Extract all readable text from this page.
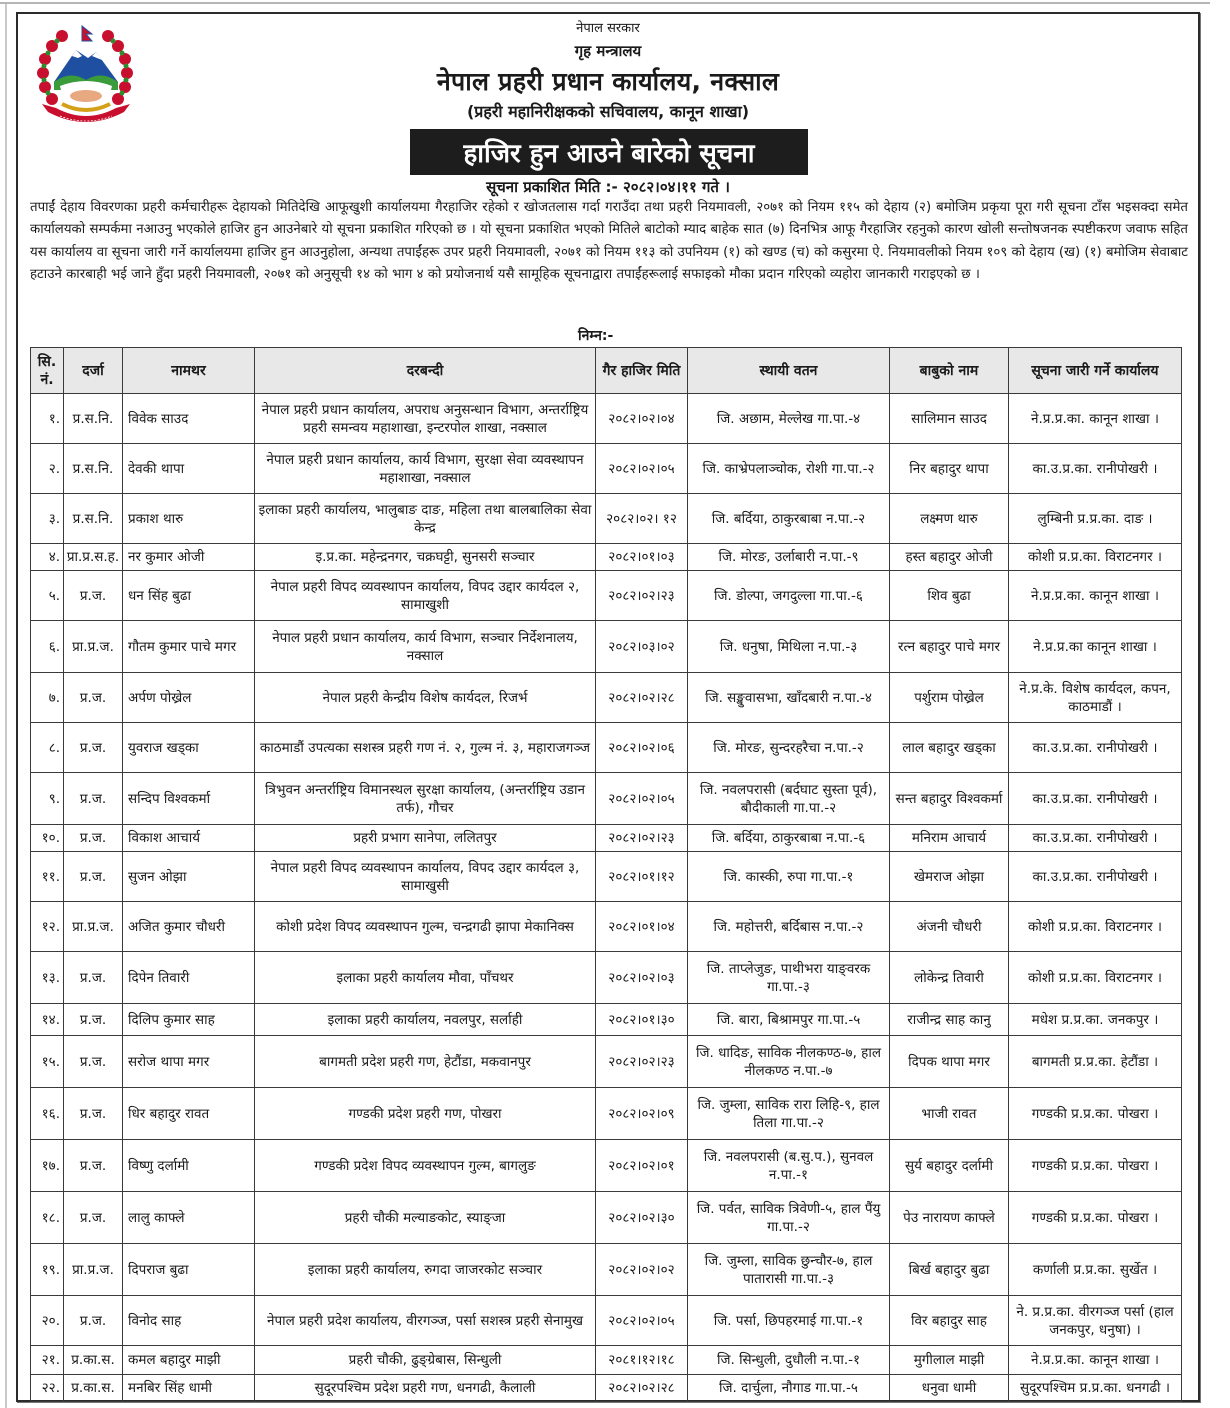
नेपाल सरकार
गृह मन्त्रालय
नेपाल प्रहरी प्रधान कार्यालय, नक्साल
(प्रहरी महानिरीक्षकको सचिवालय, कानून शाखा)
हाजिर हुन आउने बारेको सूचना
सूचना प्रकाशित मिति :- २०८२।०४।११ गते ।
तपाईं देहाय विवरणका प्रहरी कर्मचारीहरू देहायको मितिदेखि आफूखुशी कार्यालयमा गैरहाजिर रहेको र खोजतलास गर्दा गराउँदा तथा प्रहरी नियमावली, २०७१ को नियम ११५ को देहाय (२) बमोजिम प्रकृया पूरा गरी सूचना टाँस भइसक्दा समेत कार्यालयको सम्पर्कमा नआउनु भएकोले हाजिर हुन आउनेबारे यो सूचना प्रकाशित गरिएको छ । यो सूचना प्रकाशित भएको मितिले बाटोको म्याद बाहेक सात (७) दिनभित्र आफू गैरहाजिर रहनुको कारण खोली सन्तोषजनक स्पष्टीकरण जवाफ सहित यस कार्यालय वा सूचना जारी गर्ने कार्यालयमा हाजिर हुन आउनुहोला, अन्यथा तपाईंहरू उपर प्रहरी नियमावली, २०७१ को नियम ११३ को उपनियम (१) को खण्ड (च) को कसुरमा ऐ. नियमावलीको नियम १०९ को देहाय (ख) (१) बमोजिम सेवाबाट हटाउने कारबाही भई जाने हुँदा प्रहरी नियमावली, २०७१ को अनुसूची १४ को भाग ४ को प्रयोजनार्थ यसै सामूहिक सूचनाद्वारा तपाईंहरूलाई सफाइको मौका प्रदान गरिएको व्यहोरा जानकारी गराइएको छ ।
निम्न:-
सि. नं.	दर्जा	नामथर	दरबन्दी	गैर हाजिर मिति	स्थायी वतन	बाबुको नाम	सूचना जारी गर्ने कार्यालय
१.	प्र.स.नि.	विवेक साउद	नेपाल प्रहरी प्रधान कार्यालय, अपराध अनुसन्धान विभाग, अन्तर्राष्ट्रिय प्रहरी समन्वय महाशाखा, इन्टरपोल शाखा, नक्साल	२०८२।०२।०४	जि. अछाम, मेल्लेख गा.पा.-४	सालिमान साउद	ने.प्र.प्र.का. कानून शाखा ।
२.	प्र.स.नि.	देवकी थापा	नेपाल प्रहरी प्रधान कार्यालय, कार्य विभाग, सुरक्षा सेवा व्यवस्थापन महाशाखा, नक्साल	२०८२।०२।०५	जि. काभ्रेपलाञ्चोक, रोशी गा.पा.-२	निर बहादुर थापा	का.उ.प्र.का. रानीपोखरी ।
३.	प्र.स.नि.	प्रकाश थारु	इलाका प्रहरी कार्यालय, भालुबाङ दाङ, महिला तथा बालबालिका सेवा केन्द्र	२०८२।०२। १२	जि. बर्दिया, ठाकुरबाबा न.पा.-२	लक्ष्मण थारु	लुम्बिनी प्र.प्र.का. दाङ ।
४.	प्रा.प्र.स.ह.	नर कुमार ओजी	इ.प्र.का. महेन्द्रनगर, चक्रघट्टी, सुनसरी सञ्चार	२०८२।०१।०३	जि. मोरङ, उर्लाबारी न.पा.-९	हस्त बहादुर ओजी	कोशी प्र.प्र.का. विराटनगर ।
५.	प्र.ज.	धन सिंह बुढा	नेपाल प्रहरी विपद व्यवस्थापन कार्यालय, विपद उद्दार कार्यदल २, सामाखुशी	२०८२।०२।२३	जि. डोल्पा, जगदुल्ला गा.पा.-६	शिव बुढा	ने.प्र.प्र.का. कानून शाखा ।
६.	प्रा.प्र.ज.	गौतम कुमार पाचे मगर	नेपाल प्रहरी प्रधान कार्यालय, कार्य विभाग, सञ्चार निर्देशनालय, नक्साल	२०८२।०३।०२	जि. धनुषा, मिथिला न.पा.-३	रत्न बहादुर पाचे मगर	ने.प्र.प्र.का कानून शाखा ।
७.	प्र.ज.	अर्पण पोख्रेल	नेपाल प्रहरी केन्द्रीय विशेष कार्यदल, रिजर्भ	२०८२।०२।२८	जि. सङ्खुवासभा, खाँदबारी न.पा.-४	पर्शुराम पोख्रेल	ने.प्र.के. विशेष कार्यदल, कपन, काठमाडौं ।
८.	प्र.ज.	युवराज खड्का	काठमाडौं उपत्यका सशस्त्र प्रहरी गण नं. २, गुल्म नं. ३, महाराजगञ्ज	२०८२।०२।०६	जि. मोरङ, सुन्दरहरैचा न.पा.-२	लाल बहादुर खड्का	का.उ.प्र.का. रानीपोखरी ।
९.	प्र.ज.	सन्दिप विश्वकर्मा	त्रिभुवन अन्तर्राष्ट्रिय विमानस्थल सुरक्षा कार्यालय, (अन्तर्राष्ट्रिय उडान तर्फ), गौचर	२०८२।०२।०५	जि. नवलपरासी (बर्दघाट सुस्ता पूर्व), बौदीकाली गा.पा.-२	सन्त बहादुर विश्वकर्मा	का.उ.प्र.का. रानीपोखरी ।
१०.	प्र.ज.	विकाश आचार्य	प्रहरी प्रभाग सानेपा, ललितपुर	२०८२।०२।२३	जि. बर्दिया, ठाकुरबाबा न.पा.-६	मनिराम आचार्य	का.उ.प्र.का. रानीपोखरी ।
११.	प्र.ज.	सुजन ओझा	नेपाल प्रहरी विपद व्यवस्थापन कार्यालय, विपद उद्दार कार्यदल ३, सामाखुसी	२०८२।०१।१२	जि. कास्की, रुपा गा.पा.-१	खेमराज ओझा	का.उ.प्र.का. रानीपोखरी ।
१२.	प्रा.प्र.ज.	अजित कुमार चौधरी	कोशी प्रदेश विपद व्यवस्थापन गुल्म, चन्द्रगढी झापा मेकानिक्स	२०८२।०१।०४	जि. महोत्तरी, बर्दिबास न.पा.-२	अंजनी चौधरी	कोशी प्र.प्र.का. विराटनगर ।
१३.	प्र.ज.	दिपेन तिवारी	इलाका प्रहरी कार्यालय मौवा, पाँचथर	२०८२।०२।०३	जि. ताप्लेजुङ, पाथीभरा याङ्वरक गा.पा.-३	लोकेन्द्र तिवारी	कोशी प्र.प्र.का. विराटनगर ।
१४.	प्र.ज.	दिलिप कुमार साह	इलाका प्रहरी कार्यालय, नवलपुर, सर्लाही	२०८२।०१।३०	जि. बारा, बिश्रामपुर गा.पा.-५	राजीन्द्र साह कानु	मधेश प्र.प्र.का. जनकपुर ।
१५.	प्र.ज.	सरोज थापा मगर	बागमती प्रदेश प्रहरी गण, हेटौंडा, मकवानपुर	२०८२।०२।२३	जि. धादिङ, साविक नीलकण्ठ-७, हाल नीलकण्ठ न.पा.-७	दिपक थापा मगर	बागमती प्र.प्र.का. हेटौंडा ।
१६.	प्र.ज.	धिर बहादुर रावत	गण्डकी प्रदेश प्रहरी गण, पोखरा	२०८२।०२।०९	जि. जुम्ला, साविक रारा लिहि-९, हाल तिला गा.पा.-२	भाजी रावत	गण्डकी प्र.प्र.का. पोखरा ।
१७.	प्र.ज.	विष्णु दर्लामी	गण्डकी प्रदेश विपद व्यवस्थापन गुल्म, बागलुङ	२०८२।०२।०१	जि. नवलपरासी (ब.सु.प.), सुनवल न.पा.-१	सुर्य बहादुर दर्लामी	गण्डकी प्र.प्र.का. पोखरा ।
१८.	प्र.ज.	लालु काफ्ले	प्रहरी चौकी मल्याङकोट, स्याङ्जा	२०८२।०२।३०	जि. पर्वत, साविक त्रिवेणी-५, हाल पैंयु गा.पा.-२	पेउ नारायण काफ्ले	गण्डकी प्र.प्र.का. पोखरा ।
१९.	प्रा.प्र.ज.	दिपराज बुढा	इलाका प्रहरी कार्यालय, रुगदा जाजरकोट सञ्चार	२०८२।०२।०२	जि. जुम्ला, साविक छुन्चौर-७, हाल पातारासी गा.पा.-३	बिर्ख बहादुर बुढा	कर्णाली प्र.प्र.का. सुर्खेत ।
२०.	प्र.ज.	विनोद साह	नेपाल प्रहरी प्रदेश कार्यालय, वीरगञ्ज, पर्सा सशस्त्र प्रहरी सेनामुख	२०८२।०२।०५	जि. पर्सा, छिपहरमाई गा.पा.-१	विर बहादुर साह	ने. प्र.प्र.का. वीरगञ्ज पर्सा (हाल जनकपुर, धनुषा) ।
२१.	प्र.का.स.	कमल बहादुर माझी	प्रहरी चौकी, ढुङ्ग्रेबास, सिन्धुली	२०८१।१२।१८	जि. सिन्धुली, दुधौली न.पा.-१	मुगीलाल माझी	ने.प्र.प्र.का. कानून शाखा ।
२२.	प्र.का.स.	मनबिर सिंह धामी	सुदूरपश्चिम प्रदेश प्रहरी गण, धनगढी, कैलाली	२०८२।०२।२८	जि. दार्चुला, नौगाड गा.पा.-५	धनुवा धामी	सुदूरपश्चिम प्र.प्र.का. धनगढी ।
